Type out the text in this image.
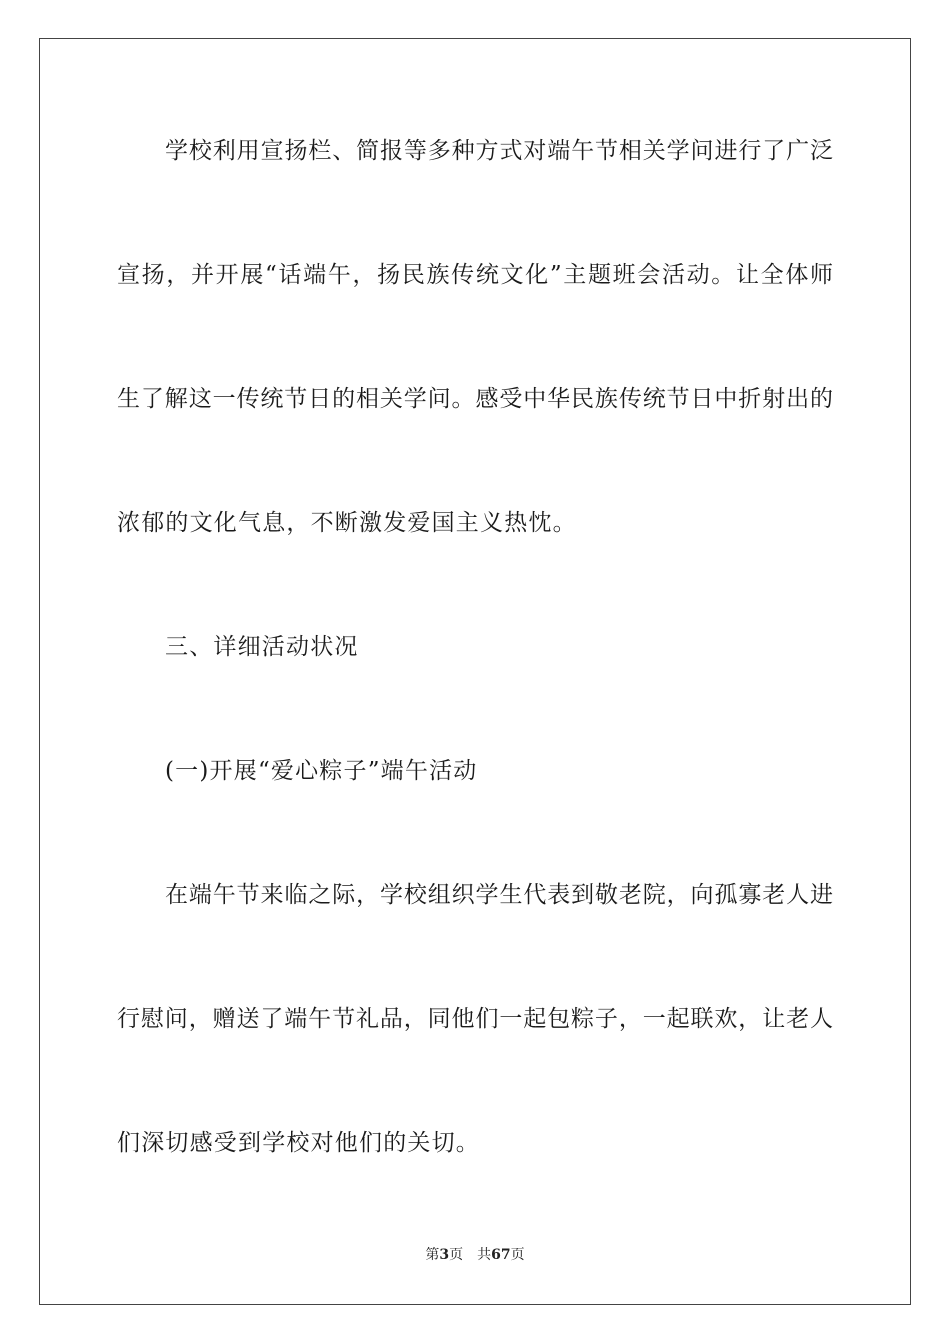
学校利用宣扬栏、简报等多种方式对端午节相关学问进行了广泛
宣扬，并开展“话端午，扬民族传统文化”主题班会活动。让全体师
生了解这一传统节日的相关学问。感受中华民族传统节日中折射出的
浓郁的文化气息，不断激发爱国主义热忱。
三、详细活动状况
(一)开展“爱心粽子”端午活动
在端午节来临之际，学校组织学生代表到敬老院，向孤寡老人进
行慰问，赠送了端午节礼品，同他们一起包粽子，一起联欢，让老人
们深切感受到学校对他们的关切。
第3页 共67页
